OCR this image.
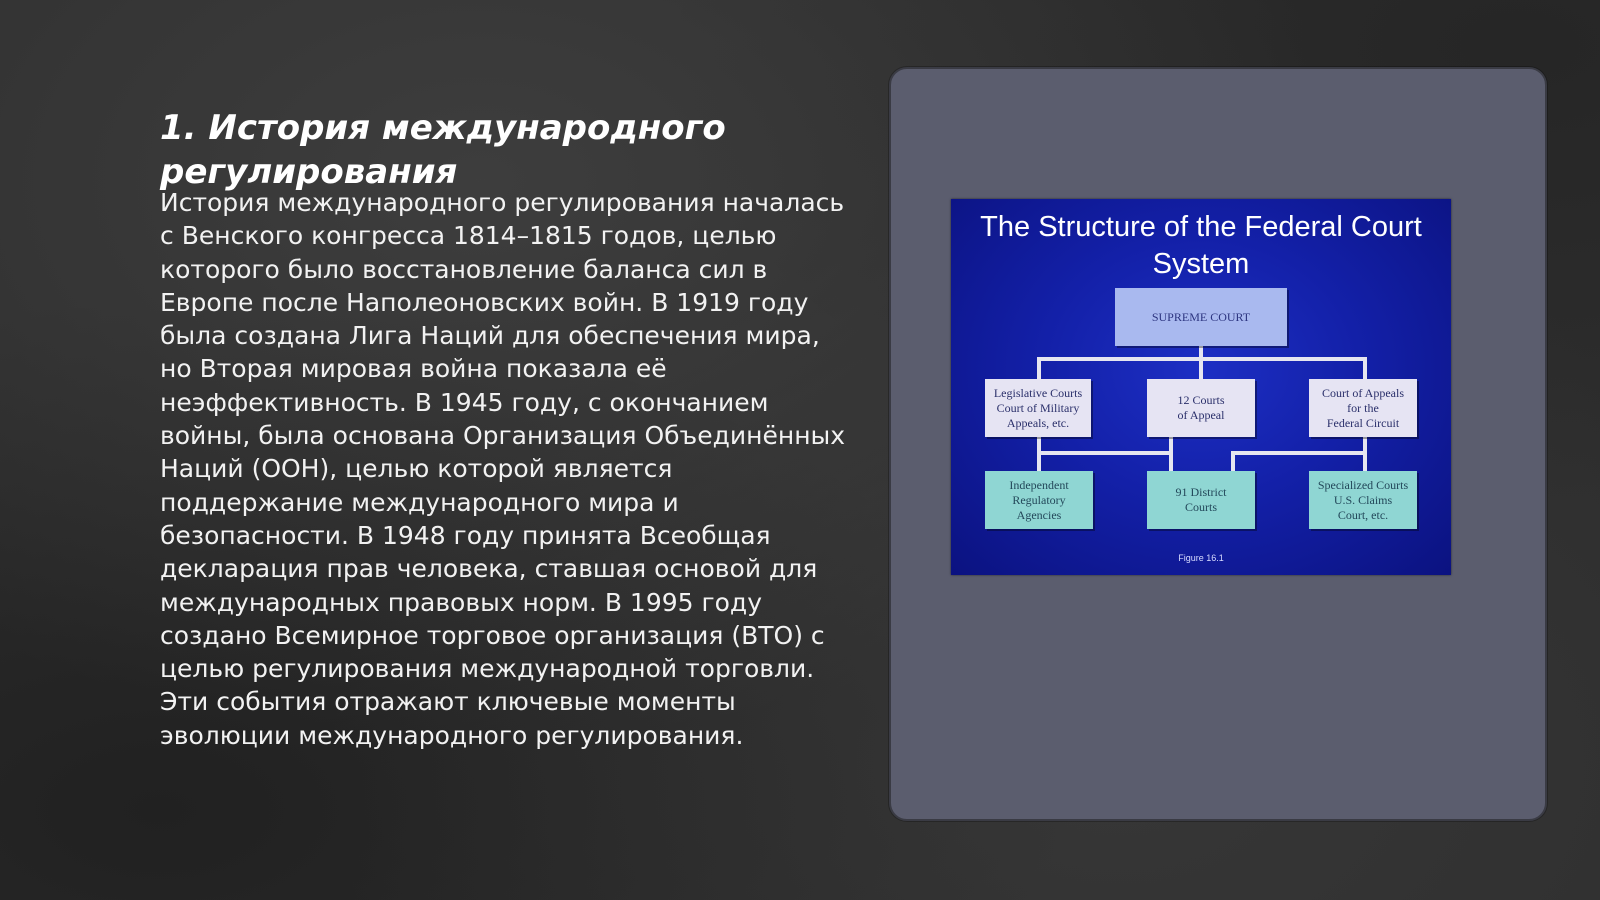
1. История международного регулирования

История международного регулирования началась с Венского конгресса 1814–1815 годов, целью которого было восстановление баланса сил в Европе после Наполеоновских войн. В 1919 году была создана Лига Наций для обеспечения мира, но Вторая мировая война показала её неэффективность. В 1945 году, с окончанием войны, была основана Организация Объединённых Наций (ООН), целью которой является поддержание международного мира и безопасности. В 1948 году принята Всеобщая декларация прав человека, ставшая основой для международных правовых норм. В 1995 году создано Всемирное торговое организация (ВТО) с целью регулирования международной торговли. Эти события отражают ключевые моменты эволюции международного регулирования.

The Structure of the Federal Court System
SUPREME COURT
Legislative Courts
Court of Military
Appeals, etc.
12 Courts
of Appeal
Court of Appeals
for the
Federal Circuit
Independent
Regulatory
Agencies
91 District
Courts
Specialized Courts
U.S. Claims
Court, etc.
Figure 16.1
